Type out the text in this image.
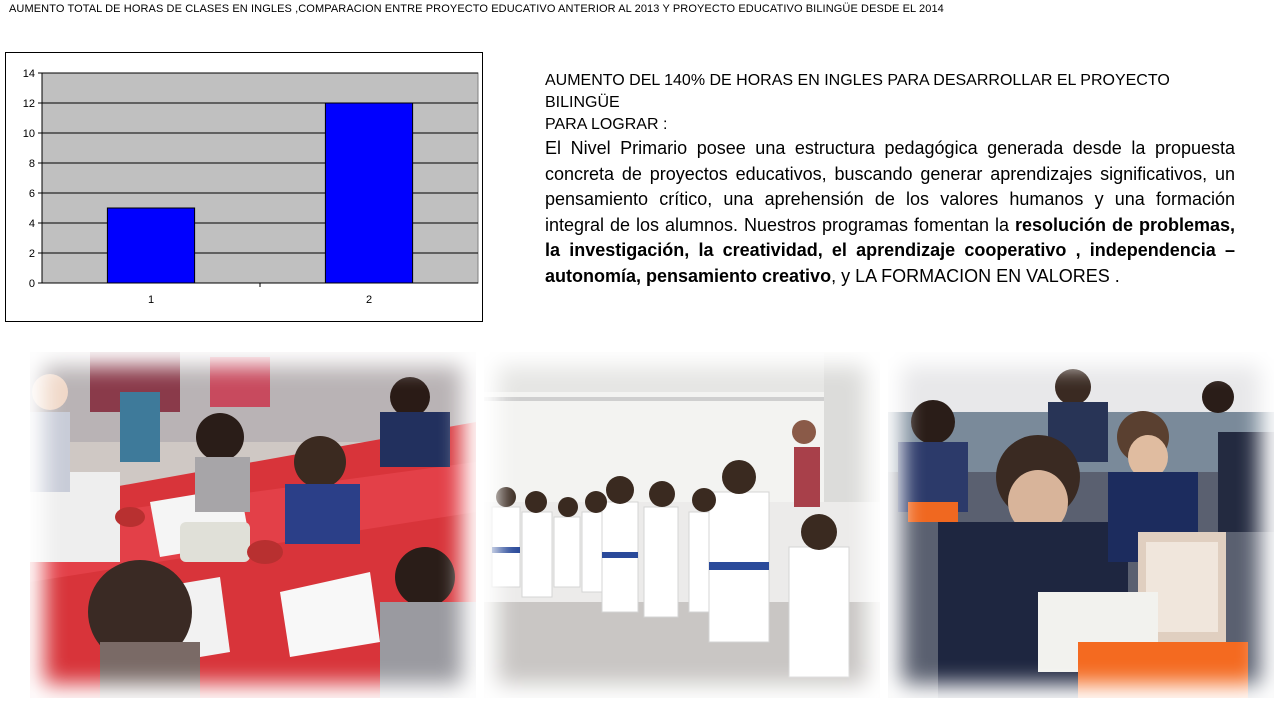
AUMENTO TOTAL DE HORAS DE CLASES EN INGLES ,COMPARACION ENTRE PROYECTO EDUCATIVO ANTERIOR AL 2013 Y PROYECTO EDUCATIVO BILINGÜE DESDE EL 2014
0
2
4
6
8
10
12
14
1	2
AUMENTO DEL 140% DE HORAS EN INGLES PARA DESARROLLAR EL PROYECTO
BILINGÜE
PARA LOGRAR :
El Nivel Primario posee una estructura pedagógica generada desde la propuesta concreta de proyectos educativos, buscando generar aprendizajes significativos, un pensamiento crítico, una aprehensión de los valores humanos y una formación integral de los alumnos. Nuestros programas fomentan la resolución de problemas, la investigación, la creatividad, el aprendizaje cooperativo , independencia – autonomía, pensamiento creativo, y LA FORMACION EN VALORES .
